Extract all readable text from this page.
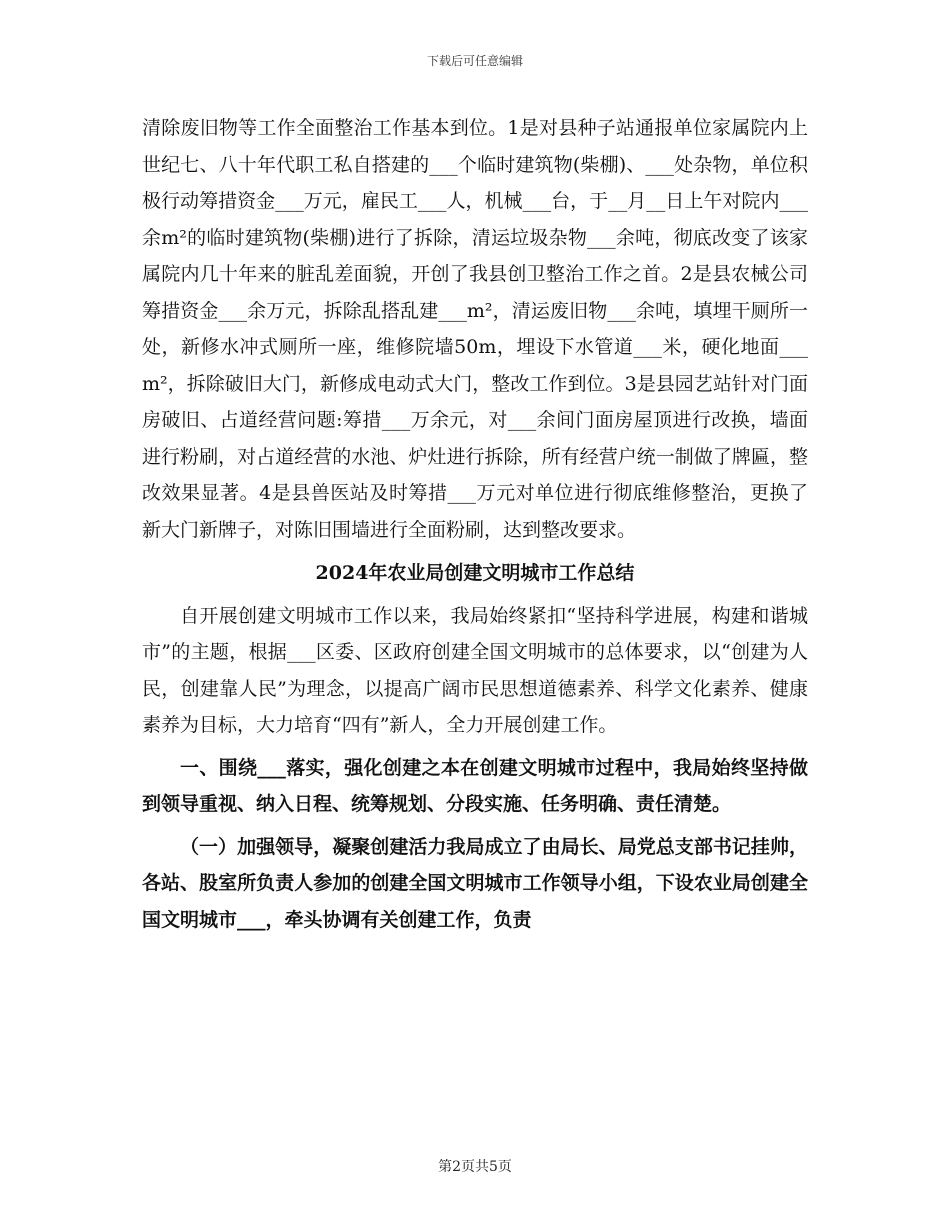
下载后可任意编辑

清除废旧物等工作全面整治工作基本到位。1是对县种子站通报单位家属院内上世纪七、八十年代职工私自搭建的___个临时建筑物(柴棚)、___处杂物，单位积极行动筹措资金___万元，雇民工___人，机械___台，于__月__日上午对院内___余m²的临时建筑物(柴棚)进行了拆除，清运垃圾杂物___余吨，彻底改变了该家属院内几十年来的脏乱差面貌，开创了我县创卫整治工作之首。2是县农械公司筹措资金___余万元，拆除乱搭乱建___m²，清运废旧物___余吨，填埋干厕所一处，新修水冲式厕所一座，维修院墙50m，埋设下水管道___米，硬化地面___m²，拆除破旧大门，新修成电动式大门，整改工作到位。3是县园艺站针对门面房破旧、占道经营问题:筹措___万余元，对___余间门面房屋顶进行改换，墙面进行粉刷，对占道经营的水池、炉灶进行拆除，所有经营户统一制做了牌匾，整改效果显著。4是县兽医站及时筹措___万元对单位进行彻底维修整治，更换了新大门新牌子，对陈旧围墙进行全面粉刷，达到整改要求。

2024年农业局创建文明城市工作总结

自开展创建文明城市工作以来，我局始终紧扣“坚持科学进展，构建和谐城市”的主题，根据___区委、区政府创建全国文明城市的总体要求，以“创建为人民，创建靠人民”为理念，以提高广阔市民思想道德素养、科学文化素养、健康素养为目标，大力培育“四有”新人，全力开展创建工作。

一、围绕___落实，强化创建之本在创建文明城市过程中，我局始终坚持做到领导重视、纳入日程、统筹规划、分段实施、任务明确、责任清楚。

（一）加强领导，凝聚创建活力我局成立了由局长、局党总支部书记挂帅，各站、股室所负责人参加的创建全国文明城市工作领导小组，下设农业局创建全国文明城市___，牵头协调有关创建工作，负责

第2页共5页
